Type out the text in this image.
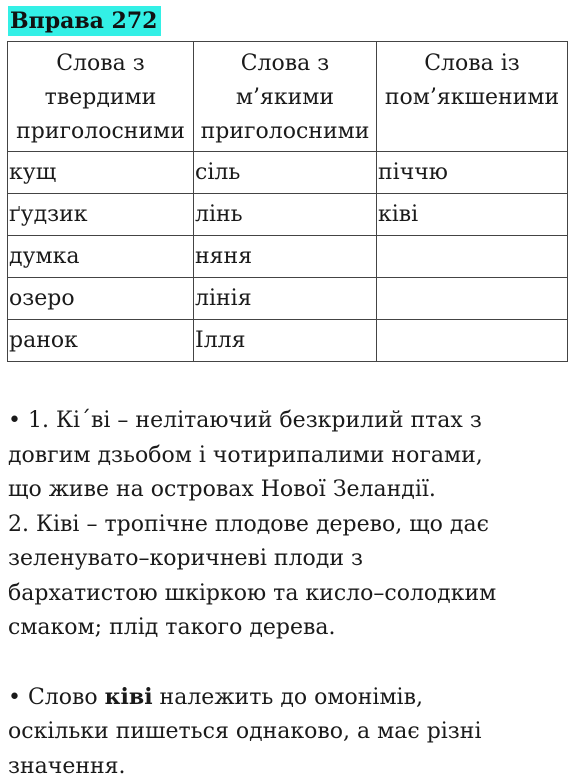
Вправа 272
Слова з
твердими
приголосними	Слова з
м’якими
приголосними	Слова із
пом’якшеними

кущ	сіль	піччю
ґудзик	лінь	ківі
думка	няня	
озеро	лінія	
ранок	Ілля	

• 1. Кі´ві – нелітаючий безкрилий птах з

довгим дзьобом і чотирипалими ногами,

що живе на островах Нової Зеландії.

2. Ківі – тропічне плодове дерево, що дає

зеленувато–коричневі плоди з

бархатистою шкіркою та кисло–солодким

смаком; плід такого дерева.

• Слово ківі належить до омонімів,

оскільки пишеться однаково, а має різні

значення.
